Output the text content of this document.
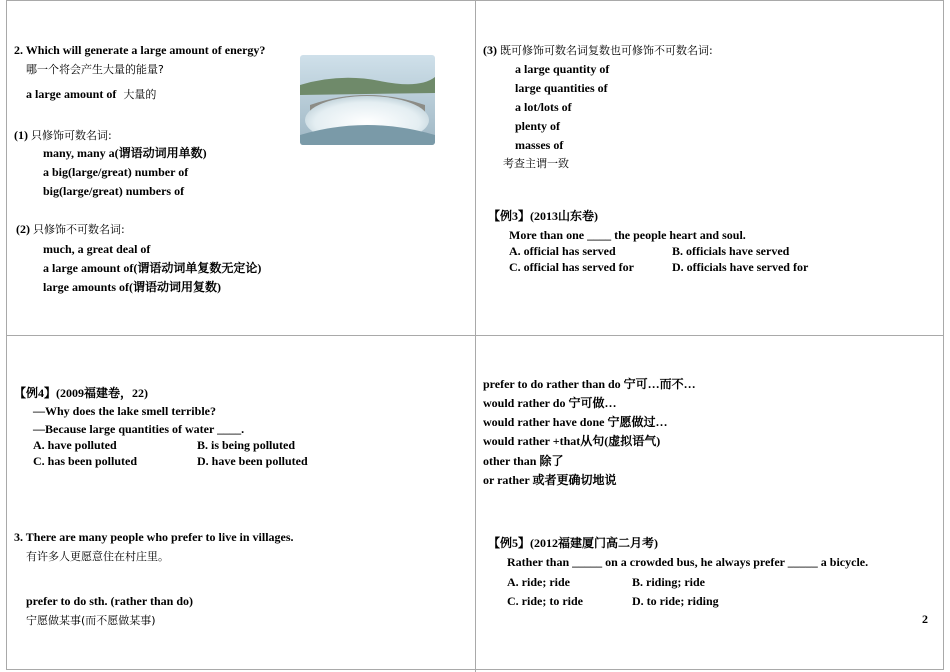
2. Which will generate a large amount of energy?
哪一个将会产生大量的能量?
a large amount of 大量的
(1) 只修饰可数名词:
many, many a(谓语动词用单数)
a big(large/great) number of
big(large/great) numbers of
(2) 只修饰不可数名词:
much, a great deal of
a large amount of(谓语动词单复数无定论)
large amounts of(谓语动词用复数)
(3) 既可修饰可数名词复数也可修饰不可数名词:
a large quantity of
large quantities of
a lot/lots of
plenty of
masses of
考查主谓一致
【例3】(2013山东卷)
More than one ____ the people heart and soul.
A. official has served	B. officials have served
C. official has served for	D. officials have served for
【例4】(2009福建卷，22)
—Why does the lake smell terrible?
—Because large quantities of water ____.
A. have polluted	B. is being polluted
C. has been polluted	D. have been polluted
3. There are many people who prefer to live in villages.
有许多人更愿意住在村庄里。
prefer to do sth. (rather than do)
宁愿做某事(而不愿做某事)
prefer to do rather than do 宁可…而不…
would rather do 宁可做…
would rather have done 宁愿做过…
would rather +that从句(虚拟语气)
other than 除了
or rather 或者更确切地说
【例5】(2012福建厦门高二月考)
Rather than _____ on a crowded bus, he always prefer _____ a bicycle.
A. ride; ride	B. riding; ride
C. ride; to ride	D. to ride; riding
2
